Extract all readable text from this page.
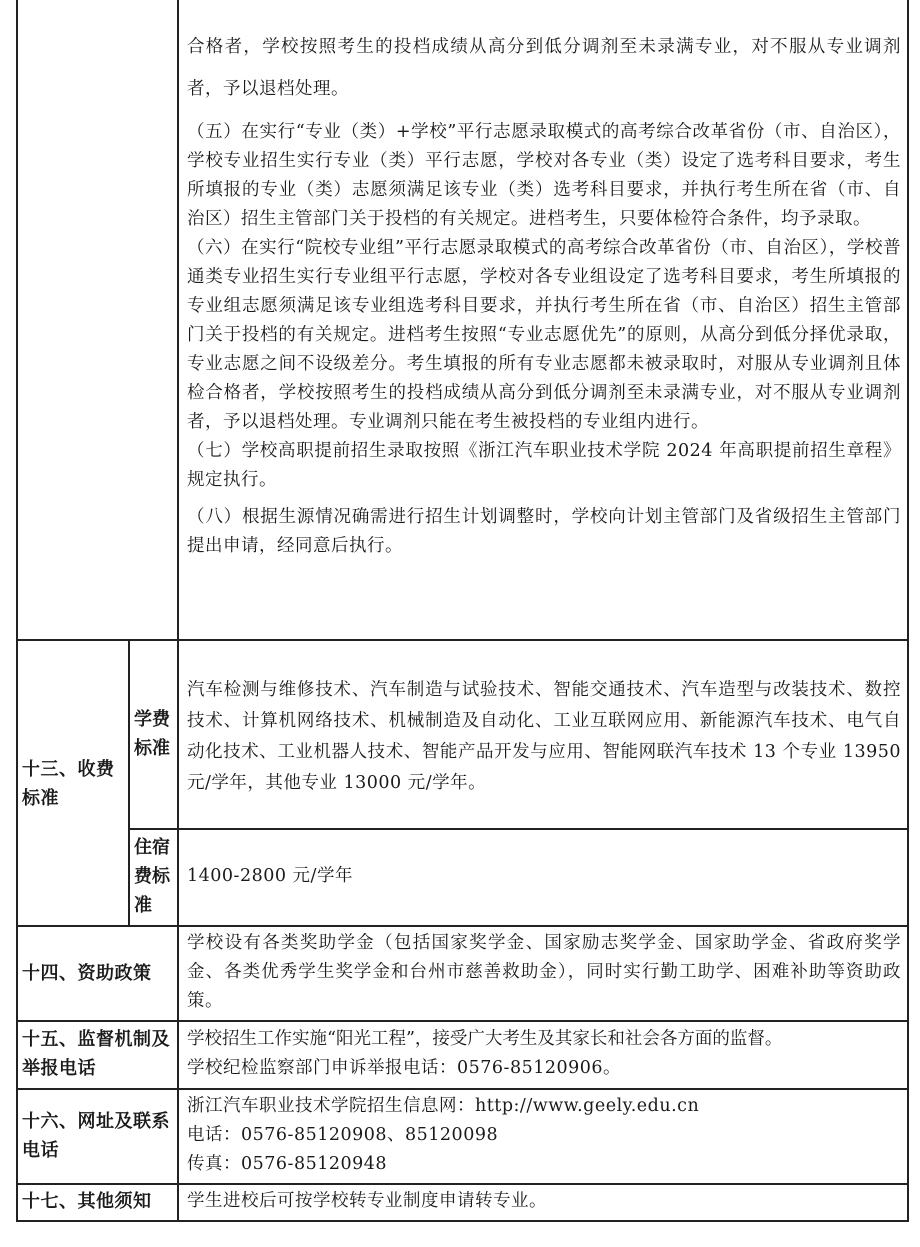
合格者，学校按照考生的投档成绩从高分到低分调剂至未录满专业，对不服从专业调剂者，予以退档处理。

（五）在实行“专业（类）+学校”平行志愿录取模式的高考综合改革省份（市、自治区），学校专业招生实行专业（类）平行志愿，学校对各专业（类）设定了选考科目要求，考生所填报的专业（类）志愿须满足该专业（类）选考科目要求，并执行考生所在省（市、自治区）招生主管部门关于投档的有关规定。进档考生，只要体检符合条件，均予录取。

（六）在实行“院校专业组”平行志愿录取模式的高考综合改革省份（市、自治区），学校普通类专业招生实行专业组平行志愿，学校对各专业组设定了选考科目要求，考生所填报的专业组志愿须满足该专业组选考科目要求，并执行考生所在省（市、自治区）招生主管部门关于投档的有关规定。进档考生按照“专业志愿优先”的原则，从高分到低分择优录取，专业志愿之间不设级差分。考生填报的所有专业志愿都未被录取时，对服从专业调剂且体检合格者，学校按照考生的投档成绩从高分到低分调剂至未录满专业，对不服从专业调剂者，予以退档处理。专业调剂只能在考生被投档的专业组内进行。

（七）学校高职提前招生录取按照《浙江汽车职业技术学院 2024 年高职提前招生章程》规定执行。

（八）根据生源情况确需进行招生计划调整时，学校向计划主管部门及省级招生主管部门提出申请，经同意后执行。

十三、收费标准
学费标准

汽车检测与维修技术、汽车制造与试验技术、智能交通技术、汽车造型与改装技术、数控技术、计算机网络技术、机械制造及自动化、工业互联网应用、新能源汽车技术、电气自动化技术、工业机器人技术、智能产品开发与应用、智能网联汽车技术 13 个专业 13950 元/学年，其他专业 13000 元/学年。

住宿费标准

1400-2800 元/学年

十四、资助政策

学校设有各类奖助学金（包括国家奖学金、国家励志奖学金、国家助学金、省政府奖学金、各类优秀学生奖学金和台州市慈善救助金），同时实行勤工助学、困难补助等资助政策。

十五、监督机制及举报电话

学校招生工作实施“阳光工程”，接受广大考生及其家长和社会各方面的监督。

学校纪检监察部门申诉举报电话：0576-85120906。

十六、网址及联系电话

浙江汽车职业技术学院招生信息网：http://www.geely.edu.cn

电话：0576-85120908、85120098

传真：0576-85120948

十七、其他须知	学生进校后可按学校转专业制度申请转专业。
